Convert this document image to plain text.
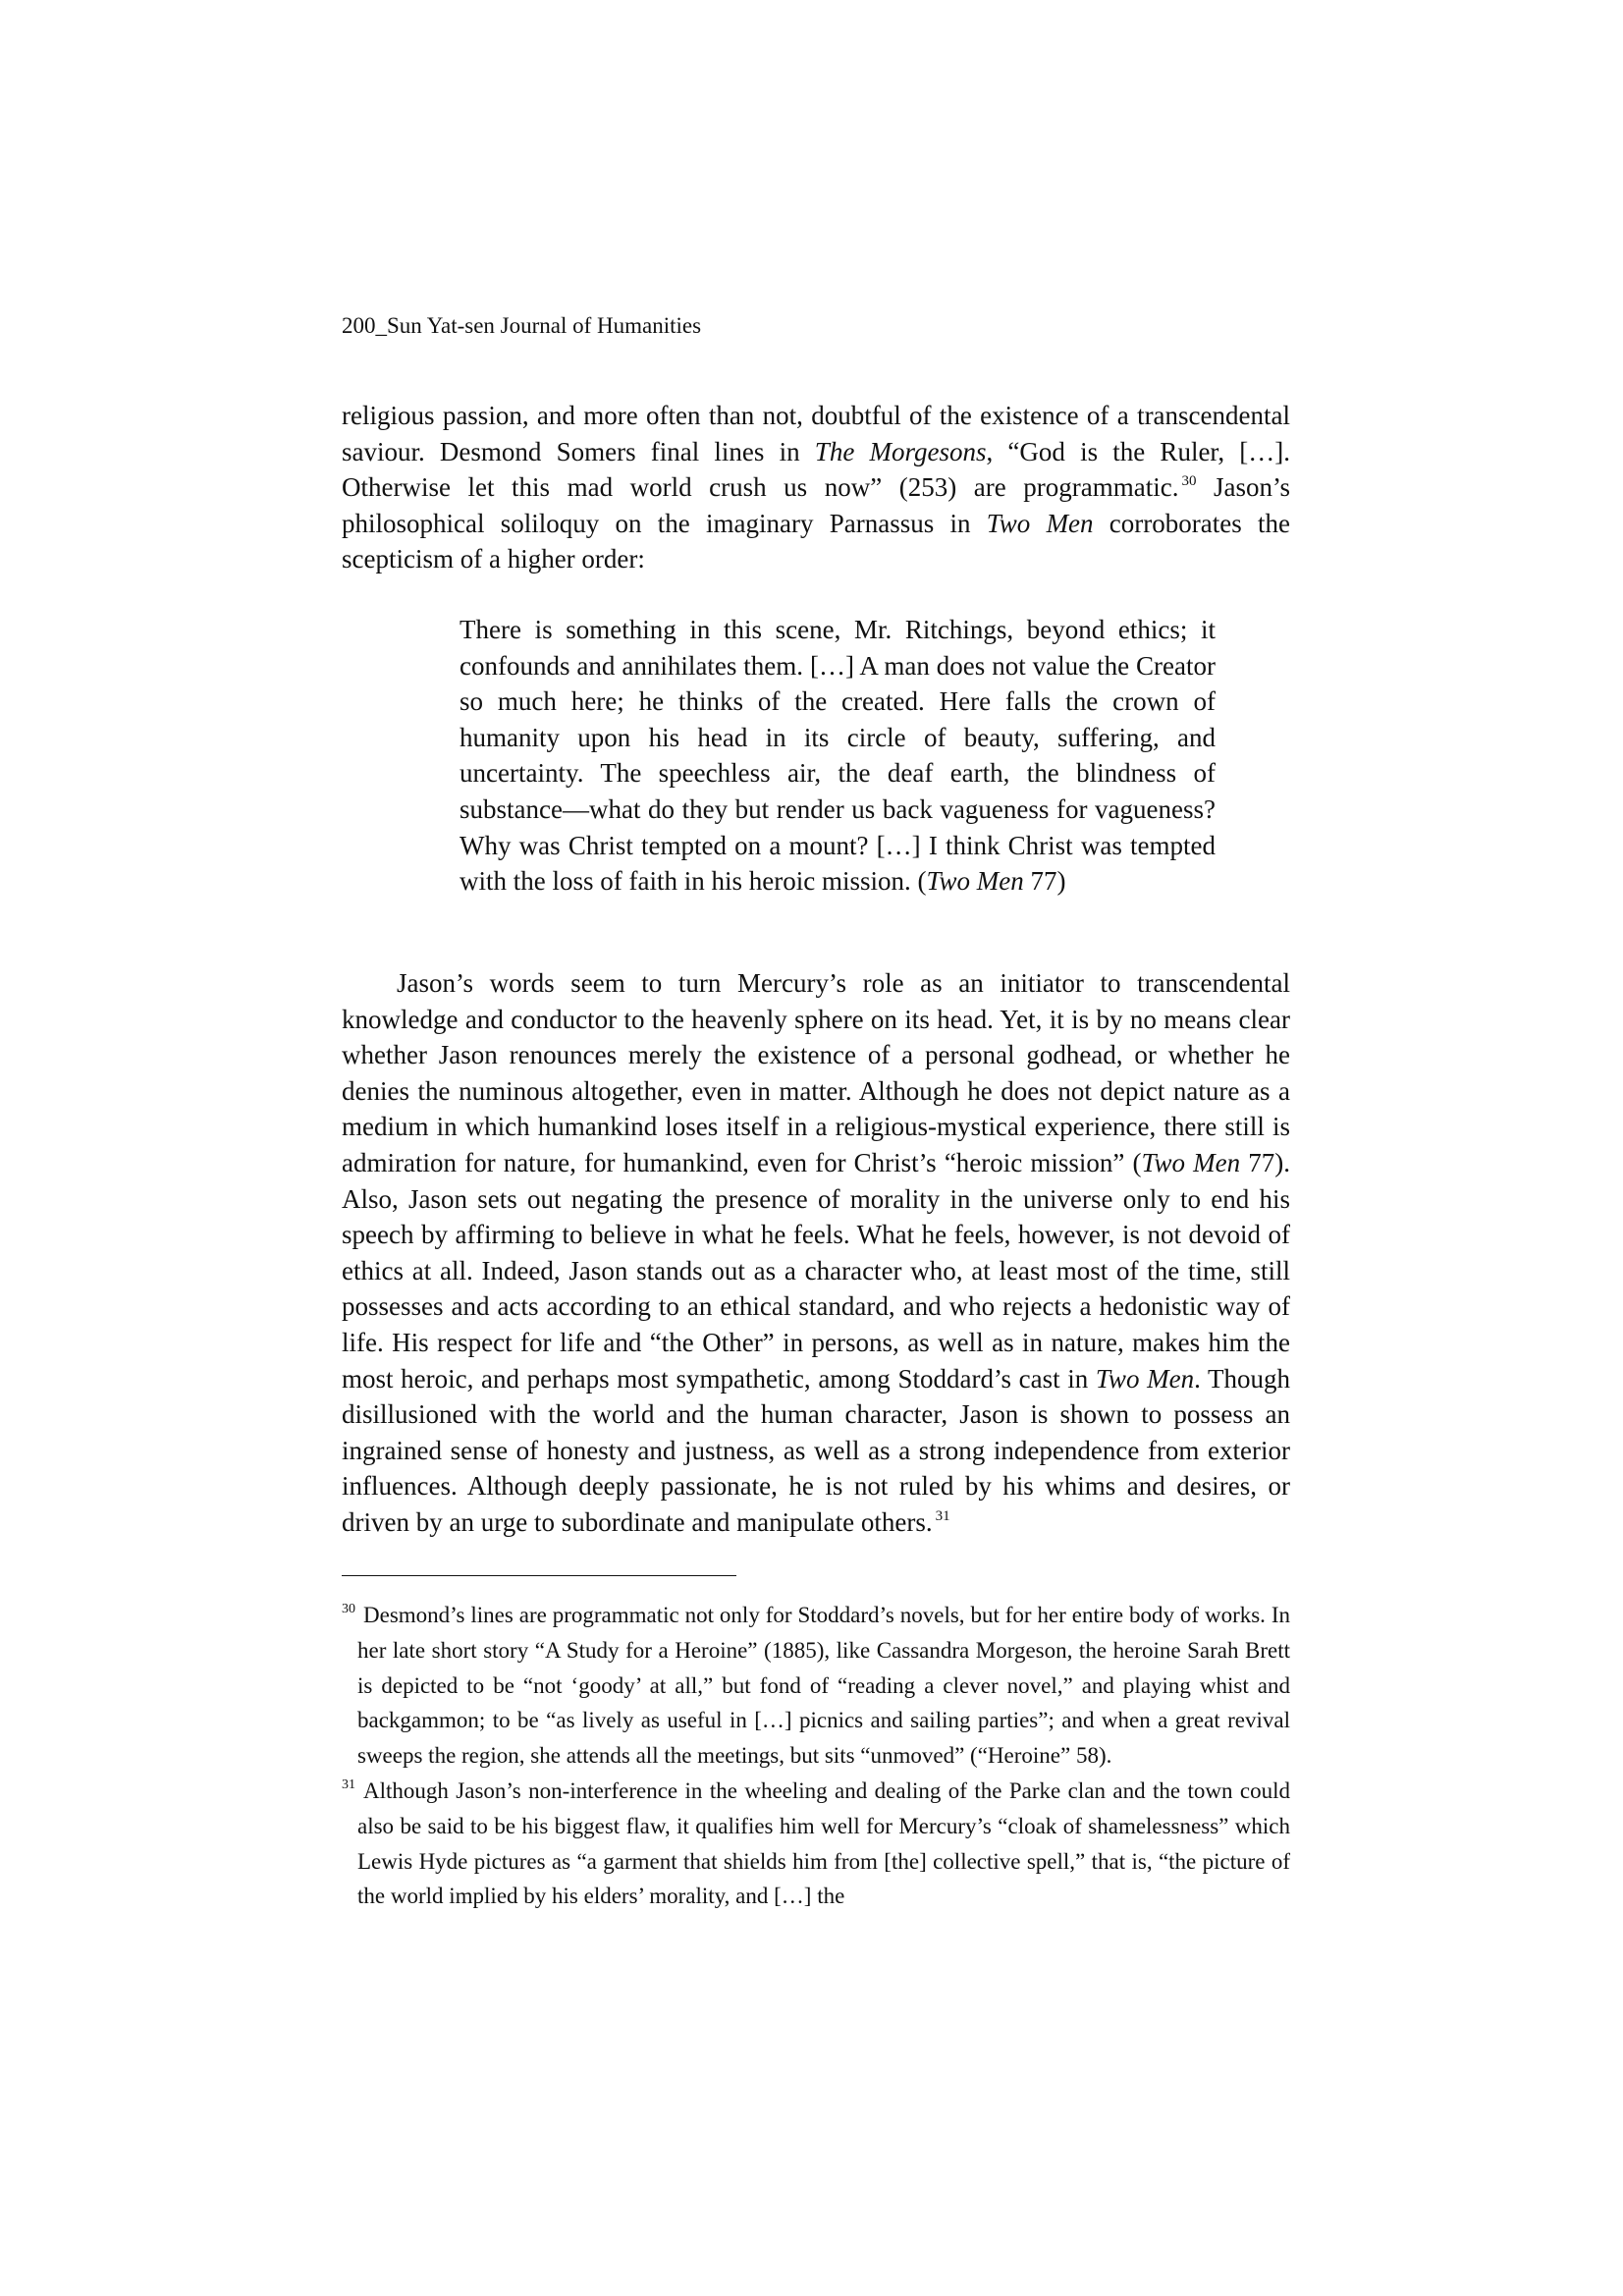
200_Sun Yat-sen Journal of Humanities

religious passion, and more often than not, doubtful of the existence of a transcendental saviour. Desmond Somers final lines in The Morgesons, “God is the Ruler, […]. Otherwise let this mad world crush us now” (253) are programmatic. $^{30}$ Jason’s philosophical soliloquy on the imaginary Parnassus in Two Men corroborates the scepticism of a higher order:

There is something in this scene, Mr. Ritchings, beyond ethics; it confounds and annihilates them. […] A man does not value the Creator so much here; he thinks of the created. Here falls the crown of humanity upon his head in its circle of beauty, suffering, and uncertainty. The speechless air, the deaf earth, the blindness of substance—what do they but render us back vagueness for vagueness? Why was Christ tempted on a mount? […] I think Christ was tempted with the loss of faith in his heroic mission. (Two Men 77)

Jason’s words seem to turn Mercury’s role as an initiator to transcendental knowledge and conductor to the heavenly sphere on its head. Yet, it is by no means clear whether Jason renounces merely the existence of a personal godhead, or whether he denies the numinous altogether, even in matter. Although he does not depict nature as a medium in which humankind loses itself in a religious-mystical experience, there still is admiration for nature, for humankind, even for Christ’s “heroic mission” (Two Men 77). Also, Jason sets out negating the presence of morality in the universe only to end his speech by affirming to believe in what he feels. What he feels, however, is not devoid of ethics at all. Indeed, Jason stands out as a character who, at least most of the time, still possesses and acts according to an ethical standard, and who rejects a hedonistic way of life. His respect for life and “the Other” in persons, as well as in nature, makes him the most heroic, and perhaps most sympathetic, among Stoddard’s cast in Two Men. Though disillusioned with the world and the human character, Jason is shown to possess an ingrained sense of honesty and justness, as well as a strong independence from exterior influences. Although deeply passionate, he is not ruled by his whims and desires, or driven by an urge to subordinate and manipulate others. $^{31}$

$^{30}$ Desmond’s lines are programmatic not only for Stoddard’s novels, but for her entire body of works. In her late short story “A Study for a Heroine” (1885), like Cassandra Morgeson, the heroine Sarah Brett is depicted to be “not ‘goody’ at all,” but fond of “reading a clever novel,” and playing whist and backgammon; to be “as lively as useful in […] picnics and sailing parties”; and when a great revival sweeps the region, she attends all the meetings, but sits “unmoved” (“Heroine” 58).

$^{31}$ Although Jason’s non-interference in the wheeling and dealing of the Parke clan and the town could also be said to be his biggest flaw, it qualifies him well for Mercury’s “cloak of shamelessness” which Lewis Hyde pictures as “a garment that shields him from [the] collective spell,” that is, “the picture of the world implied by his elders’ morality, and […] the
